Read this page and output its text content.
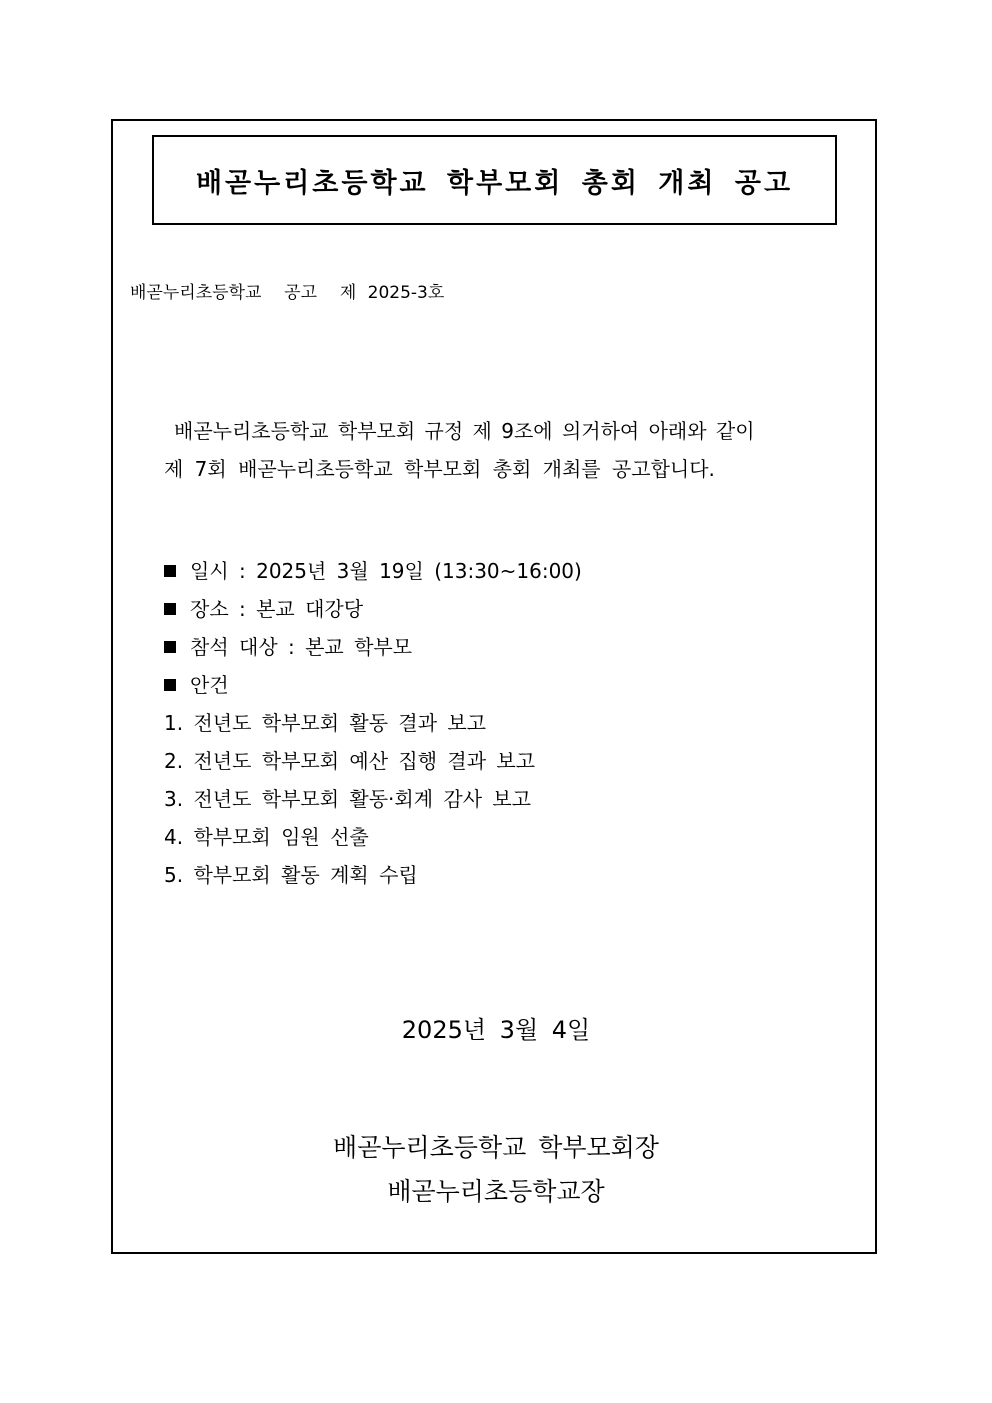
배곧누리초등학교 학부모회 총회 개최 공고

배곧누리초등학교  공고  제 2025-3호

배곧누리초등학교 학부모회 규정 제 9조에 의거하여 아래와 같이
제 7회 배곧누리초등학교 학부모회 총회 개최를 공고합니다.

일시 : 2025년 3월 19일 (13:30~16:00)
장소 : 본교 대강당
참석 대상 : 본교 학부모
안건
1. 전년도 학부모회 활동 결과 보고
2. 전년도 학부모회 예산 집행 결과 보고
3. 전년도 학부모회 활동·회계 감사 보고
4. 학부모회 임원 선출
5. 학부모회 활동 계획 수립

2025년 3월 4일

배곧누리초등학교 학부모회장

배곧누리초등학교장
